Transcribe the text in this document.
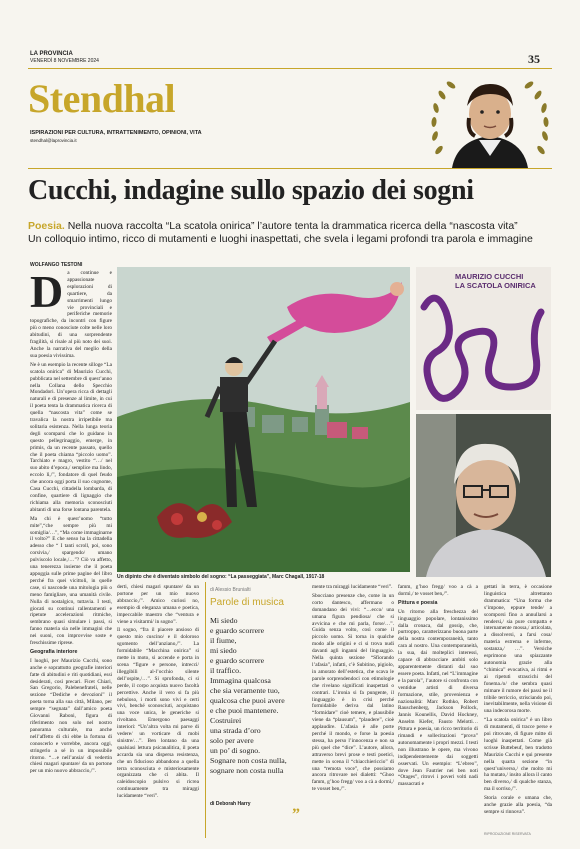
LA PROVINCIA
VENERDÌ 8 NOVEMBRE 2024	35
Stendhal
ISPIRAZIONI PER CULTURA, INTRATTENIMENTO, OPINIONI, VITA
stendhal@laprovincia.it
Cucchi, indagine sullo spazio dei sogni
Poesia. Nella nuova raccolta “La scatola onirica” l’autore tenta la drammatica ricerca della “nascosta vita”
Un colloquio intimo, ricco di mutamenti e luoghi inaspettati, che svela i legami profondi tra parola e immagine
WOLFANGO TESTONI

Da continue e appassionate esplorazioni di quartiere, da smarrimenti lungo vie provinciali e periferiche memorie topografiche, da incontri con figure più o meno conosciute colte nelle loro abitudini, di una sorprendente fragilità, si risale al più noto dei suoi. Anche la narrativa del meglio della sua poesia vivissima.

Ne è un esempio la recente silloge “La scatola onirica” di Maurizio Cucchi, pubblicata nel settembre di quest’anno nella Collana dello Specchio Mondadori. Un’opera ricca di dettagli naturali e di presenze al limite, in cui il poeta tenta la drammatica ricerca di quella “nascosta vita” come se travalica la nostra irripetibile ma solitaria esistenza. Nella lunga teoria degli scomparsi che lo guidano in questo pellegrinaggio, emerge, in primis, da un recente passato, quello che il poeta chiama “piccolo uomo”. Tarchiato e magro, vestito “…/ nel suo abito d’epoca,/ semplice ma lindo, eccolo lì,/”, fondatore di quel feudo che ancora oggi porta il suo cognome, Casa Cucchi, cittadella lombarda, di confine, quartiere di lignaggio che richiama alla memoria sconosciuti abitanti di una forse lontana parentela.

Ma chi è quest’uomo “tutto mite”,“che sempre più mi somiglia/…”, “Ma come immaginarne il volto?” E che senso ha la cittadella adesso che “ I tanti scroll, poi, sono corsivia,/ spargendo/ umano pulviscolo locale,/…”? Ciò va affetto, una tenerezza insieme che il poeta appoggia sulle prime pagine del libro perché fra quei vicittoli, in quelle case, si nasconde una mitologia più o meno famigliare, una umanità civile. Nulla di nostalgico, tuttavia. I testi, giocati su continui rallentamenti e ripetute accelerazioni ritmiche, sembrano quasi simulare i passi, si fanno materia sia nelle immagini che nei suoni, con improvvise soste e freschissime riprese.

Geografia interiore

I luoghi, per Maurizio Cucchi, sono anche e soprattutto geografie interiori fatte di abitudini e riti quotidiani, essi desiderati, così precari. Ficet Chiari, San Gregorio, Palebenefrateli, nelle sezione “Dediche e devozioni” il poeta torna alla sua città, Milano, per sempre “segnata” dall’amico poeta Giovanni Raboni, figura di riferimento non solo nel nostro panorama culturale, ma anche nell’affetto di chi ebbe la fortuna di conoscerlo e vorrebbe, ancora oggi, stringerlo a sé in un impossibile ritorno. “…e nell’ansia/ di vedertin chiesi magari spuntare/ da un portone per un mio nuovo abbraccio,/”.

Un dipinto che è diventato simbolo del sogno: “La passeggiata”, Marc Chagall, 1917-18
MAURIZIO CUCCHI
LA SCATOLA ONIRICA

derti, chiesi magari spuntare/ da un portone per un mio nuovo abbraccio,/”. Amico curiosi no, esempio di eleganza umana e poetica, impeccabile maestro che “ventura e viene a visitarmi/ in sogno”.

Il sogno, “fra il piacere ansioso di questo mio cuscino/ e il doloroso sgomento dell’anziano,/”. La formidabile “Macchina onirica” si mette in moto, si accende e porta in scena “figure e persone, intrecci/ illeggibili al-l’occhio silente dell’ospite,/…”. Si sprofonda, ci si perde, il corpo acquista nuovo facoltà percettive. Anche il vero si fa più nebuloso, i morti sono vivi e certi vivi, benché sconosciuti, acquistano una voce unica, le generiche si rivoltano. Emergono paesaggi interiori: “Un’altra volta mi parve di vedere/ un vorticare di mobi sinistre/…”. Ben lontano da una qualsiasi lettura psicanalitica, il poeta accarda sia una dispersa resistenza, che un fiducioso abbandono a quella terra sconosciuta e misteriosamente organizzata che ci abita. Il caleidoscopio pulsivo si ricrea continuamente tra miraggi lucidamente “veri”.

di Alessio Brunialti
Parole di musica
Mi siedo
e guardo scorrere
il fiume,
mi siedo
e guardo scorrere
il traffico.
Immagina qualcosa
che sia veramente tuo,
qualcosa che puoi avere
e che puoi mantenere.
Costruirei
una strada d’oro
solo per avere
un po’ di sogno.
Sognare non costa nulla,
sognare non costa nulla
di Deborah Harry
”

mente tra miraggi lucidamente “veri”.

Sbocciano presenze che, come in un corto dantesco, affermano o domandano dei vivi: “…ecco/ una umana figura pendiosa/ che si avvicina e che mi parla, forse/…”. Guida senza volto, così come il piccolo uomo. Si torna in qualche modo alle origini e ci si trova nudi davanti agli inganni del linguaggio. Nella quinta sezione “Sfiorando l’afasia”, infatti, c’è Subitino, pigiolo, in amorato dell’estetica, che scava le parole sorprendendoci con etimologie che rivelano significati inaspettati o contrari. L’ironia si fa pungente, il linguaggio è in crisi perché formidabile deriva dal latino “formidare” cioè temere, e plausibile viene da “plausum”, “plaudere”, cioè applaudire. L’afasia è alle porte perché il mondo, e forse la poesia stessa, ha perso l’innocenza e non sa più quel che “dice”. L’autore, allora, attraverso brevi prose e testi poetici, mette in scena il “chiacchiericcio” di una “remota voce”, che possiamo ancora ritrovare nei dialetti: “Ghoo famm, g’hoo fregg/ voo a cà a dormì,/ te vosset ben,/”.

famm, g’hoo fregg/ voo a cà a dormì,/ te vosset ben,/”.

Pittura e poesia

Un ritorno alla freschezza del linguaggio popolare, lontanissimo dalla cronaca, dal gossip, che, purtroppo, caratterizzano buona parte della nostra contemporaneità, tanto cara al nostro. Una contemporaneità, la sua, dai molteplici interessi, capace di abbracciare ambiti solo apparentemente distanti dal suo essere poeta. Infatti, nel “L’immagine e la parola”, l’autore si confronta con ventidue artisti di diversa formazione, stile, provenienza e nazionalità: Marc Rothko, Robert Rauschenberg, Jackson Pollock, Jannis Kounellis, David Hockney, Anselm Kiefer, Fausto Melotti… Pittura e poesia, un ricco territorio di rimandi e sollecitazioni “prova” autonomamente i propri mezzi. I testi non illustrano le opere, ma vivono indipendentemente dai soggetti osservati. Un esempio: “L’ebreo”, dove Jean Fautrier nei ben noti “Otages”, ritrovi i poveri volti nadi massacrati e

gettati in terra, è occasione linguistica altrettanto drammatica: “Una forma che s’impone, eppure tende/ a scomporsi fino a annullarsi a rendersi,/ sia pure compatta e internamente mossa,/ articolata, a dissolversi, a farsi cosa/ materia estrema e inferme, sostanza,/ …”. Versiche esprimono una spiazzante autonomia grazie alla “chimica” evocativa, ai ritmi e ai ripetuti strascichi del fonema./o/ che sembra quasi mimare il rumore dei passi ne il tribile terriccio, strisciando poi, inevitabilmente, nella visione di una indecorosa morte.

“La scatola onirica” è un libro di mutamenti, di tracce perse e poi ritrovate, di figure mitte di luoghi inaspettati. Come già scrisse Buttebeuf, ben tradotto Maurizio Cucchi e qui presente nella quarta sezione “in quest’universo,/ che molto mi ha mutato,/ insito allora il canto ben diverso,/ di qualche stanza, ma il sorriso,/”.

Storia corale e umana che, anche grazie alla poesia, “da sempre si rinnova”.

RIPRODUZIONE RISERVATA
